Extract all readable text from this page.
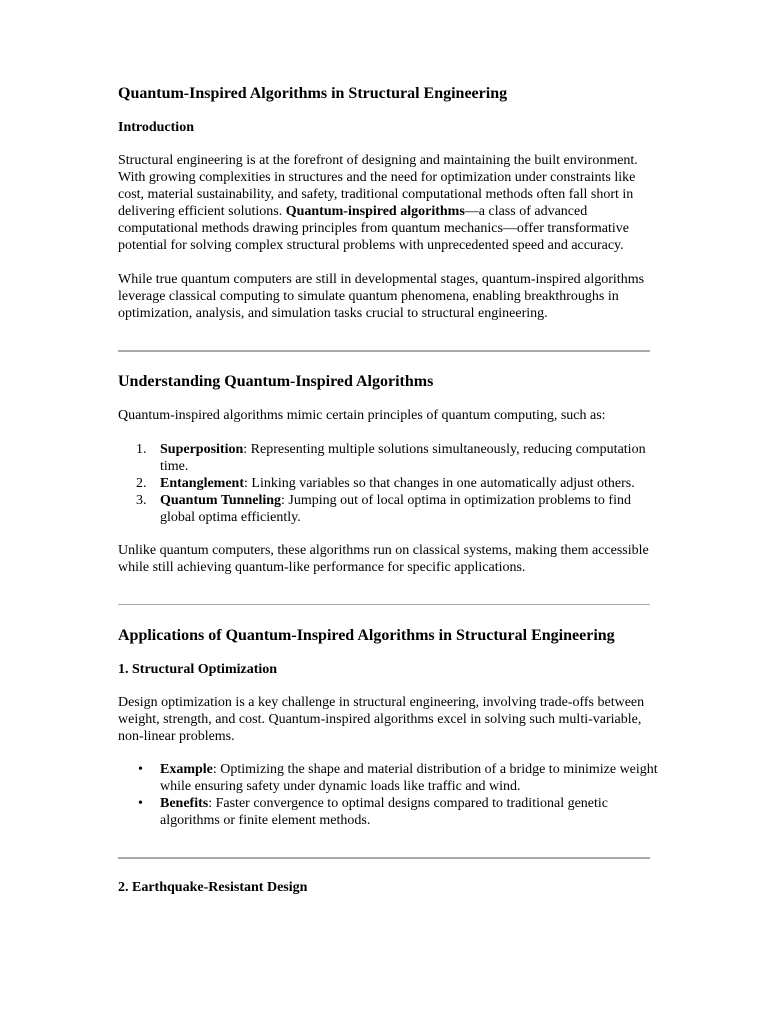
Quantum-Inspired Algorithms in Structural Engineering
Introduction

Structural engineering is at the forefront of designing and maintaining the built environment. With growing complexities in structures and the need for optimization under constraints like cost, material sustainability, and safety, traditional computational methods often fall short in delivering efficient solutions. Quantum-inspired algorithms—a class of advanced computational methods drawing principles from quantum mechanics—offer transformative potential for solving complex structural problems with unprecedented speed and accuracy.

While true quantum computers are still in developmental stages, quantum-inspired algorithms leverage classical computing to simulate quantum phenomena, enabling breakthroughs in optimization, analysis, and simulation tasks crucial to structural engineering.

Understanding Quantum-Inspired Algorithms

Quantum-inspired algorithms mimic certain principles of quantum computing, such as:

1. Superposition: Representing multiple solutions simultaneously, reducing computation time.
2. Entanglement: Linking variables so that changes in one automatically adjust others.
3. Quantum Tunneling: Jumping out of local optima in optimization problems to find global optima efficiently.

Unlike quantum computers, these algorithms run on classical systems, making them accessible while still achieving quantum-like performance for specific applications.

Applications of Quantum-Inspired Algorithms in Structural Engineering
1. Structural Optimization

Design optimization is a key challenge in structural engineering, involving trade-offs between weight, strength, and cost. Quantum-inspired algorithms excel in solving such multi-variable, non-linear problems.

• Example: Optimizing the shape and material distribution of a bridge to minimize weight while ensuring safety under dynamic loads like traffic and wind.
• Benefits: Faster convergence to optimal designs compared to traditional genetic algorithms or finite element methods.
2. Earthquake-Resistant Design
